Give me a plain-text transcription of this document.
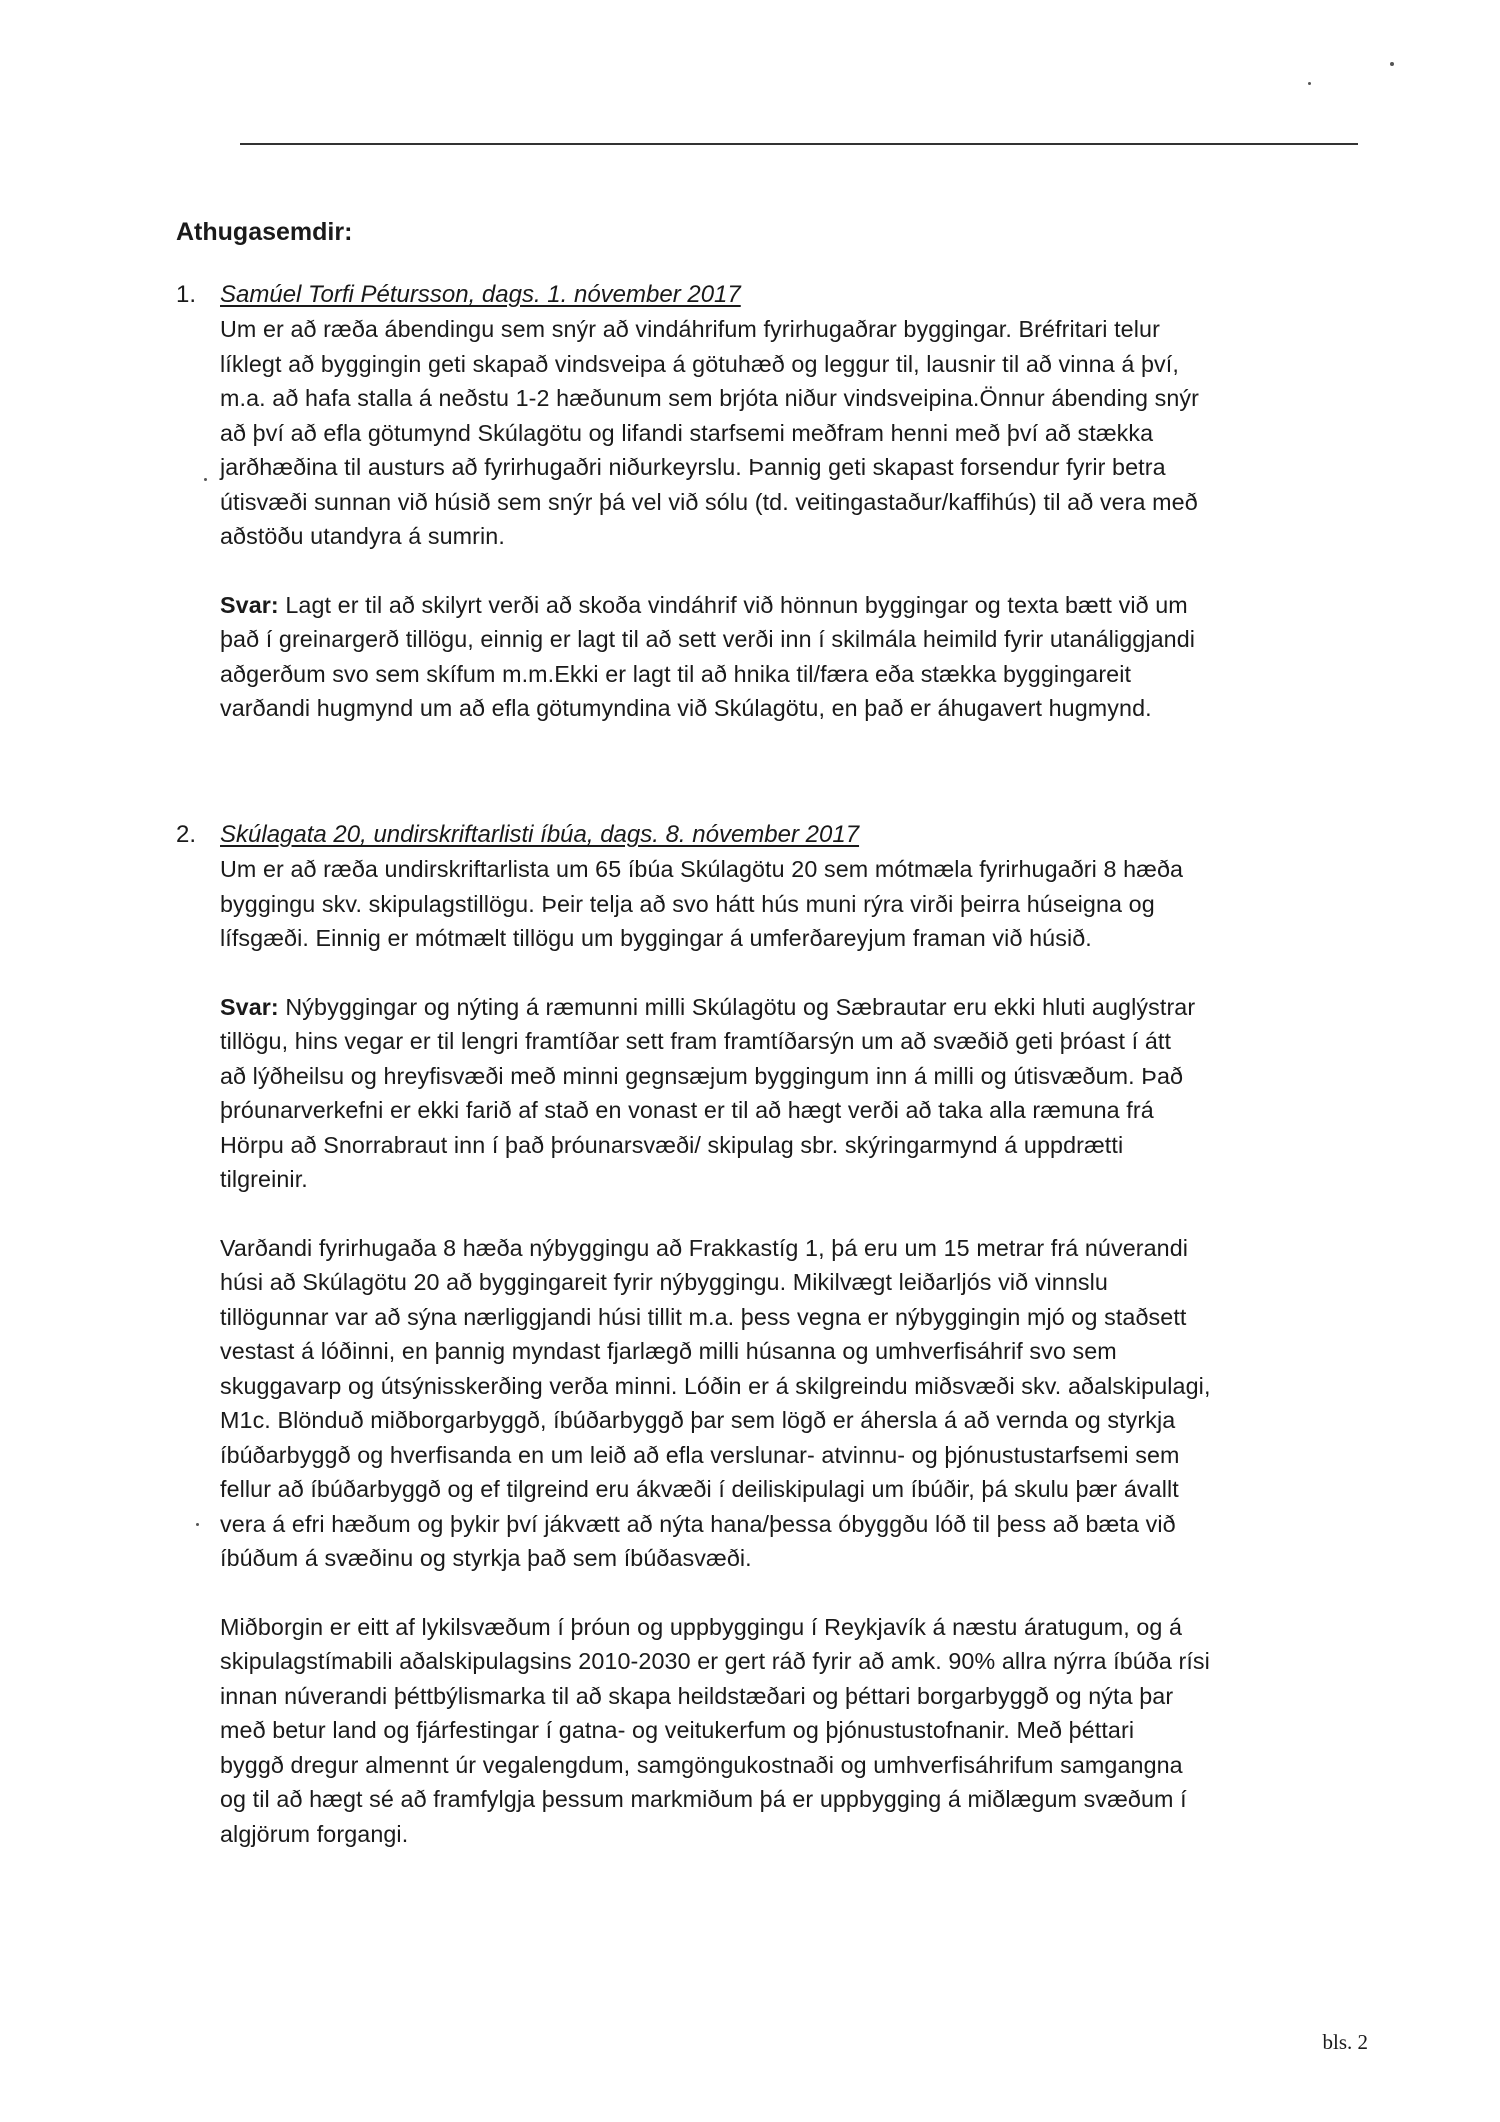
Athugasemdir:
1. Samúel Torfi Pétursson, dags. 1. nóvember 2017

Um er að ræða ábendingu sem snýr að vindáhrifum fyrirhugaðrar byggingar. Bréfritari telur
líklegt að byggingin geti skapað vindsveipa á götuhæð og leggur til, lausnir til að vinna á því,
m.a. að hafa stalla á neðstu 1-2 hæðunum sem brjóta niður vindsveipina.Önnur ábending snýr
að því að efla götumynd Skúlagötu og lifandi starfsemi meðfram henni með því að stækka
jarðhæðina til austurs að fyrirhugaðri niðurkeyrslu. Þannig geti skapast forsendur fyrir betra
útisvæði sunnan við húsið sem snýr þá vel við sólu (td. veitingastaður/kaffihús) til að vera með
aðstöðu utandyra á sumrin.

Svar: Lagt er til að skilyrt verði að skoða vindáhrif við hönnun byggingar og texta bætt við um
það í greinargerð tillögu, einnig er lagt til að sett verði inn í skilmála heimild fyrir utanáliggjandi
aðgerðum svo sem skífum m.m.Ekki er lagt til að hnika til/færa eða stækka byggingareit
varðandi hugmynd um að efla götumyndina við Skúlagötu, en það er áhugavert hugmynd.

2. Skúlagata 20, undirskriftarlisti íbúa, dags. 8. nóvember 2017

Um er að ræða undirskriftarlista um 65 íbúa Skúlagötu 20 sem mótmæla fyrirhugaðri 8 hæða
byggingu skv. skipulagstillögu. Þeir telja að svo hátt hús muni rýra virði þeirra húseigna og
lífsgæði. Einnig er mótmælt tillögu um byggingar á umferðareyjum framan við húsið.

Svar: Nýbyggingar og nýting á ræmunni milli Skúlagötu og Sæbrautar eru ekki hluti auglýstrar
tillögu, hins vegar er til lengri framtíðar sett fram framtíðarsýn um að svæðið geti þróast í átt
að lýðheilsu og hreyfisvæði með minni gegnsæjum byggingum inn á milli og útisvæðum. Það
þróunarverkefni er ekki farið af stað en vonast er til að hægt verði að taka alla ræmuna frá
Hörpu að Snorrabraut inn í það þróunarsvæði/ skipulag sbr. skýringarmynd á uppdrætti
tilgreinir.

Varðandi fyrirhugaða 8 hæða nýbyggingu að Frakkastíg 1, þá eru um 15 metrar frá núverandi
húsi að Skúlagötu 20 að byggingareit fyrir nýbyggingu. Mikilvægt leiðarljós við vinnslu
tillögunnar var að sýna nærliggjandi húsi tillit m.a. þess vegna er nýbyggingin mjó og staðsett
vestast á lóðinni, en þannig myndast fjarlægð milli húsanna og umhverfisáhrif svo sem
skuggavarp og útsýnisskerðing verða minni. Lóðin er á skilgreindu miðsvæði skv. aðalskipulagi,
M1c. Blönduð miðborgarbyggð, íbúðarbyggð þar sem lögð er áhersla á að vernda og styrkja
íbúðarbyggð og hverfisanda en um leið að efla verslunar- atvinnu- og þjónustustarfsemi sem
fellur að íbúðarbyggð og ef tilgreind eru ákvæði í deiliskipulagi um íbúðir, þá skulu þær ávallt
vera á efri hæðum og þykir því jákvætt að nýta hana/þessa óbyggðu lóð til þess að bæta við
íbúðum á svæðinu og styrkja það sem íbúðasvæði.

Miðborgin er eitt af lykilsvæðum í þróun og uppbyggingu í Reykjavík á næstu áratugum, og á
skipulagstímabili aðalskipulagsins 2010-2030 er gert ráð fyrir að amk. 90% allra nýrra íbúða rísi
innan núverandi þéttbýlismarka til að skapa heildstæðari og þéttari borgarbyggð og nýta þar
með betur land og fjárfestingar í gatna- og veitukerfum og þjónustustofnanir. Með þéttari
byggð dregur almennt úr vegalengdum, samgöngukostnaði og umhverfisáhrifum samgangna
og til að hægt sé að framfylgja þessum markmiðum þá er uppbygging á miðlægum svæðum í
algjörum forgangi.

bls. 2
